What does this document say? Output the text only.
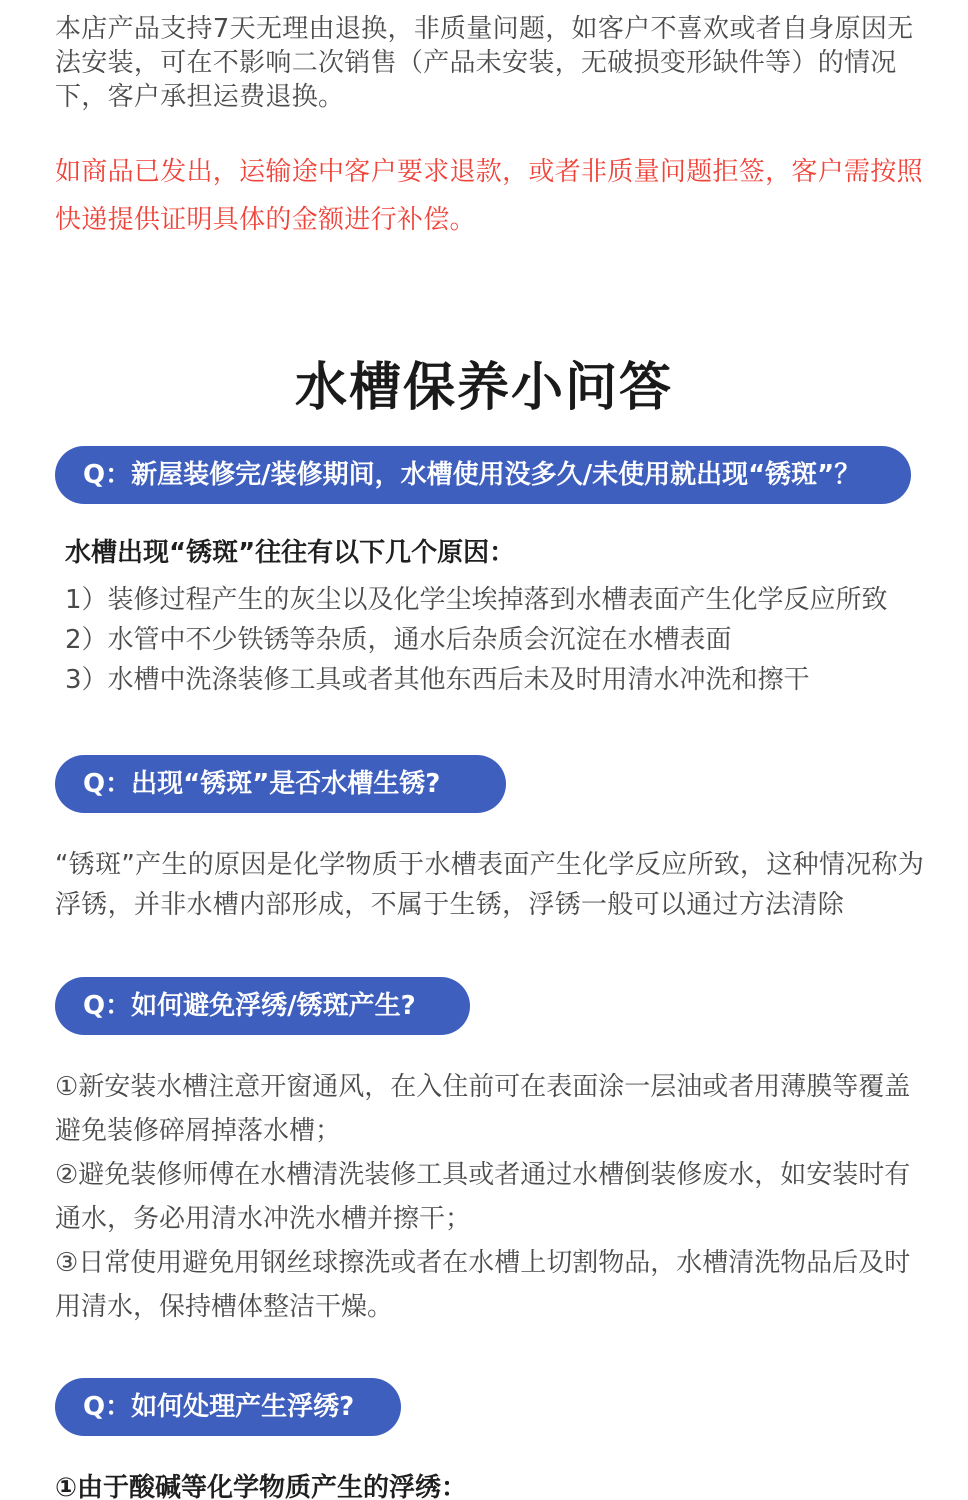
本店产品支持7天无理由退换，非质量问题，如客户不喜欢或者自身原因无法安装，可在不影响二次销售（产品未安装，无破损变形缺件等）的情况下，客户承担运费退换。
如商品已发出，运输途中客户要求退款，或者非质量问题拒签，客户需按照快递提供证明具体的金额进行补偿。
水槽保养小问答
Q：新屋装修完/装修期间，水槽使用没多久/未使用就出现“锈斑”？
水槽出现“锈斑”往往有以下几个原因：
1）装修过程产生的灰尘以及化学尘埃掉落到水槽表面产生化学反应所致
2）水管中不少铁锈等杂质，通水后杂质会沉淀在水槽表面
3）水槽中洗涤装修工具或者其他东西后未及时用清水冲洗和擦干
Q：出现“锈斑”是否水槽生锈?
“锈斑”产生的原因是化学物质于水槽表面产生化学反应所致，这种情况称为浮锈，并非水槽内部形成，不属于生锈，浮锈一般可以通过方法清除
Q：如何避免浮绣/锈斑产生?

①新安装水槽注意开窗通风，在入住前可在表面涂一层油或者用薄膜等覆盖避免装修碎屑掉落水槽；

②避免装修师傅在水槽清洗装修工具或者通过水槽倒装修废水，如安装时有通水，务必用清水冲洗水槽并擦干；

③日常使用避免用钢丝球擦洗或者在水槽上切割物品，水槽清洗物品后及时用清水，保持槽体整洁干燥。

Q：如何处理产生浮绣?
①由于酸碱等化学物质产生的浮绣：
